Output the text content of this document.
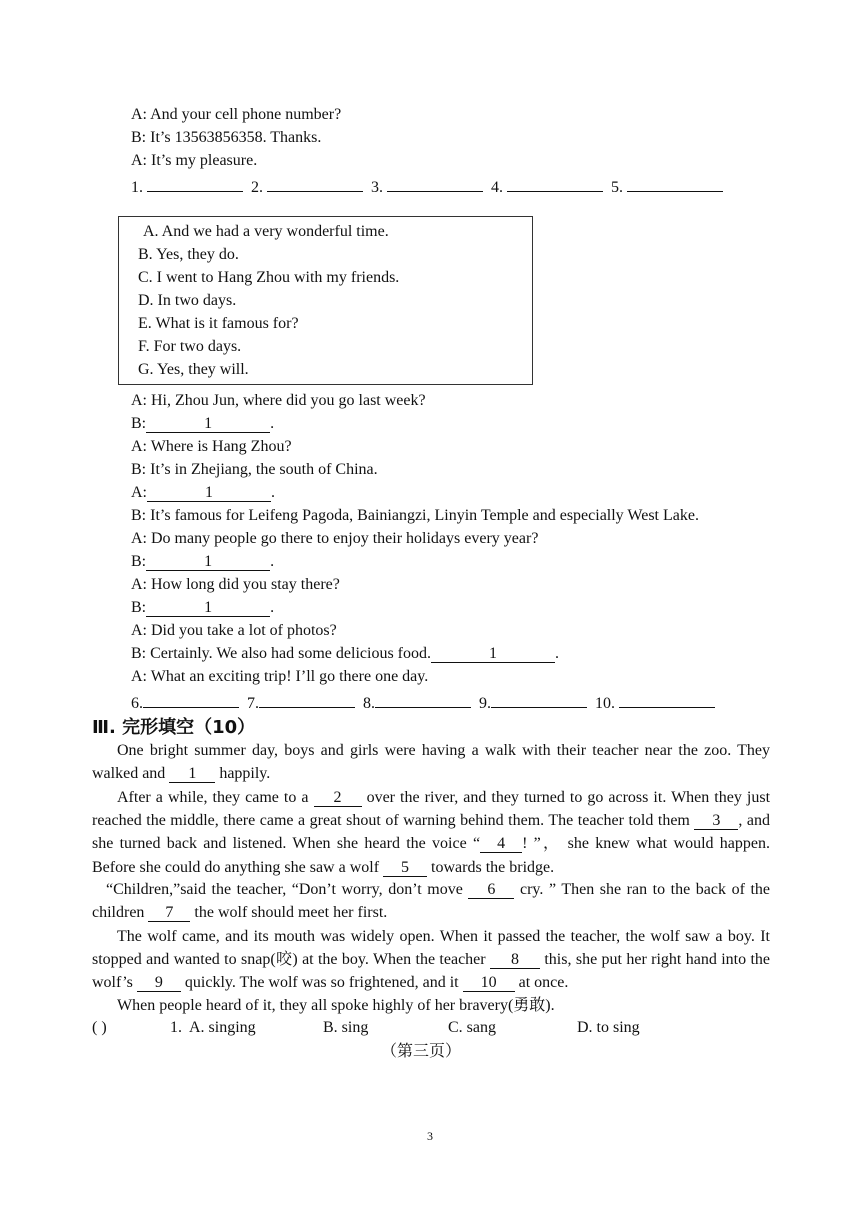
A: And your cell phone number?
B: It’s 13563856358. Thanks.
A: It’s my pleasure.
1.	2.	3.	4.	5.
A. And we had a very wonderful time.
B. Yes, they do.
C. I went to Hang Zhou with my friends.
D. In two days.
E. What is it famous for?
F. For two days.
G. Yes, they will.
A: Hi, Zhou Jun, where did you go last week?
B:	1	.
A: Where is Hang Zhou?
B: It’s in Zhejiang, the south of China.
A:	1	.
B: It’s famous for Leifeng Pagoda, Bainiangzi, Linyin Temple and especially West Lake.
A: Do many people go there to enjoy their holidays every year?
B:	1	.
A: How long did you stay there?
B:	1	.
A: Did you take a lot of photos?
B: Certainly. We also had some delicious food.	1	.
A: What an exciting trip! I’ll go there one day.
6.	7.	8.	9.	10.
Ⅲ. 完形填空（10）
One bright summer day, boys and girls were having a walk with their teacher near the zoo. They walked and 1 happily.
After a while, they came to a 2 over the river, and they turned to go across it. When they just reached the middle, there came a great shout of warning behind them. The teacher told them 3 , and she turned back and listened. When she heard the voice “ 4 ! ”， she knew what would happen. Before she could do anything she saw a wolf 5 towards the bridge.
“Children,”said the teacher, “Don’t worry, don’t move 6 cry. ” Then she ran to the back of the children 7 the wolf should meet her first.
The wolf came, and its mouth was widely open. When it passed the teacher, the wolf saw a boy. It stopped and wanted to snap(咬) at the boy. When the teacher 8 this, she put her right hand into the wolf’s 9 quickly. The wolf was so frightened, and it 10 at once.
When people heard of it, they all spoke highly of her bravery(勇敢).
( )	1. A. singing	B. sing	C. sang	D. to sing
（第三页）
3
